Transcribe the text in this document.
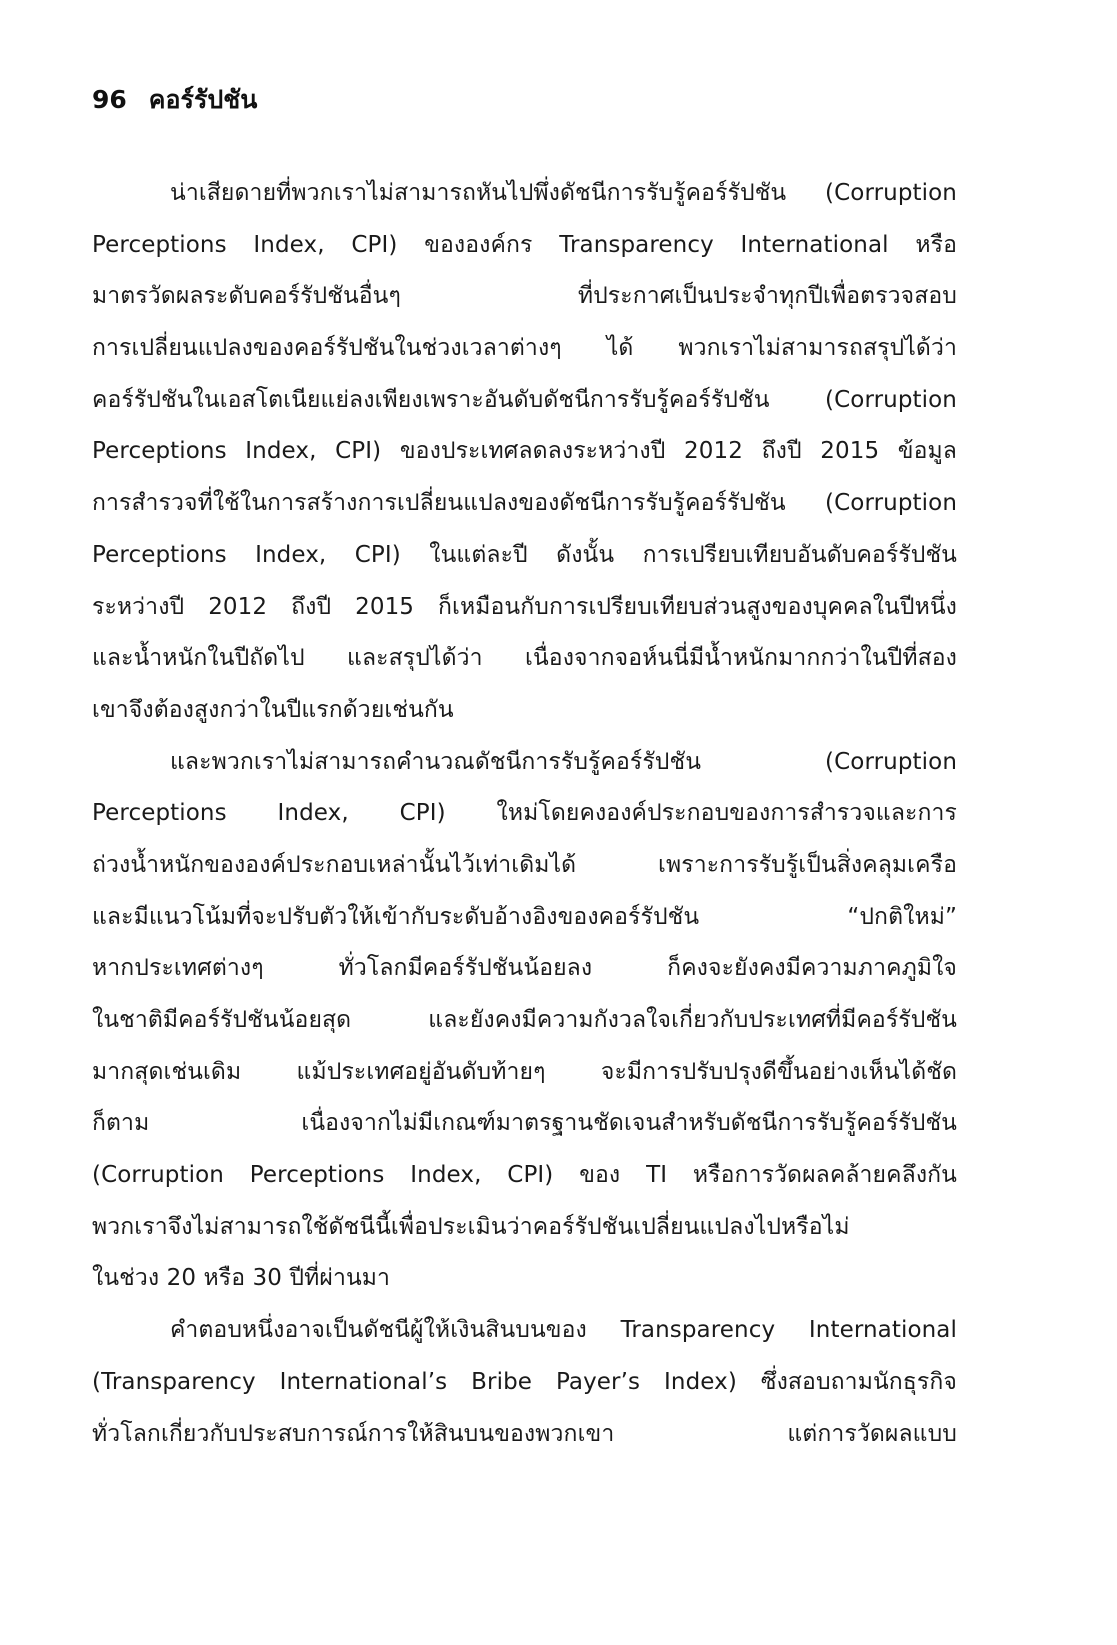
96 คอร์รัปชัน
น่าเสียดายที่พวกเราไม่สามารถหันไปพึ่งดัชนีการรับรู้คอร์รัปชัน (Corruption
Perceptions Index, CPI) ขององค์กร Transparency International หรือ
มาตรวัดผลระดับคอร์รัปชันอื่นๆ ที่ประกาศเป็นประจำทุกปีเพื่อตรวจสอบ
การเปลี่ยนแปลงของคอร์รัปชันในช่วงเวลาต่างๆ ได้ พวกเราไม่สามารถสรุปได้ว่า
คอร์รัปชันในเอสโตเนียแย่ลงเพียงเพราะอันดับดัชนีการรับรู้คอร์รัปชัน (Corruption
Perceptions Index, CPI) ของประเทศลดลงระหว่างปี 2012 ถึงปี 2015 ข้อมูล
การสำรวจที่ใช้ในการสร้างการเปลี่ยนแปลงของดัชนีการรับรู้คอร์รัปชัน (Corruption
Perceptions Index, CPI) ในแต่ละปี ดังนั้น การเปรียบเทียบอันดับคอร์รัปชัน
ระหว่างปี 2012 ถึงปี 2015 ก็เหมือนกับการเปรียบเทียบส่วนสูงของบุคคลในปีหนึ่ง
และน้ำหนักในปีถัดไป และสรุปได้ว่า เนื่องจากจอห์นนี่มีน้ำหนักมากกว่าในปีที่สอง
เขาจึงต้องสูงกว่าในปีแรกด้วยเช่นกัน
และพวกเราไม่สามารถคำนวณดัชนีการรับรู้คอร์รัปชัน (Corruption
Perceptions Index, CPI) ใหม่โดยคงองค์ประกอบของการสำรวจและการ
ถ่วงน้ำหนักขององค์ประกอบเหล่านั้นไว้เท่าเดิมได้ เพราะการรับรู้เป็นสิ่งคลุมเครือ
และมีแนวโน้มที่จะปรับตัวให้เข้ากับระดับอ้างอิงของคอร์รัปชัน “ปกติใหม่”
หากประเทศต่างๆ ทั่วโลกมีคอร์รัปชันน้อยลง ก็คงจะยังคงมีความภาคภูมิใจ
ในชาติมีคอร์รัปชันน้อยสุด และยังคงมีความกังวลใจเกี่ยวกับประเทศที่มีคอร์รัปชัน
มากสุดเช่นเดิม แม้ประเทศอยู่อันดับท้ายๆ จะมีการปรับปรุงดีขึ้นอย่างเห็นได้ชัด
ก็ตาม เนื่องจากไม่มีเกณฑ์มาตรฐานชัดเจนสำหรับดัชนีการรับรู้คอร์รัปชัน
(Corruption Perceptions Index, CPI) ของ TI หรือการวัดผลคล้ายคลึงกัน
พวกเราจึงไม่สามารถใช้ดัชนีนี้เพื่อประเมินว่าคอร์รัปชันเปลี่ยนแปลงไปหรือไม่
ในช่วง 20 หรือ 30 ปีที่ผ่านมา
คำตอบหนึ่งอาจเป็นดัชนีผู้ให้เงินสินบนของ Transparency International
(Transparency International’s Bribe Payer’s Index) ซึ่งสอบถามนักธุรกิจ
ทั่วโลกเกี่ยวกับประสบการณ์การให้สินบนของพวกเขา แต่การวัดผลแบบ
